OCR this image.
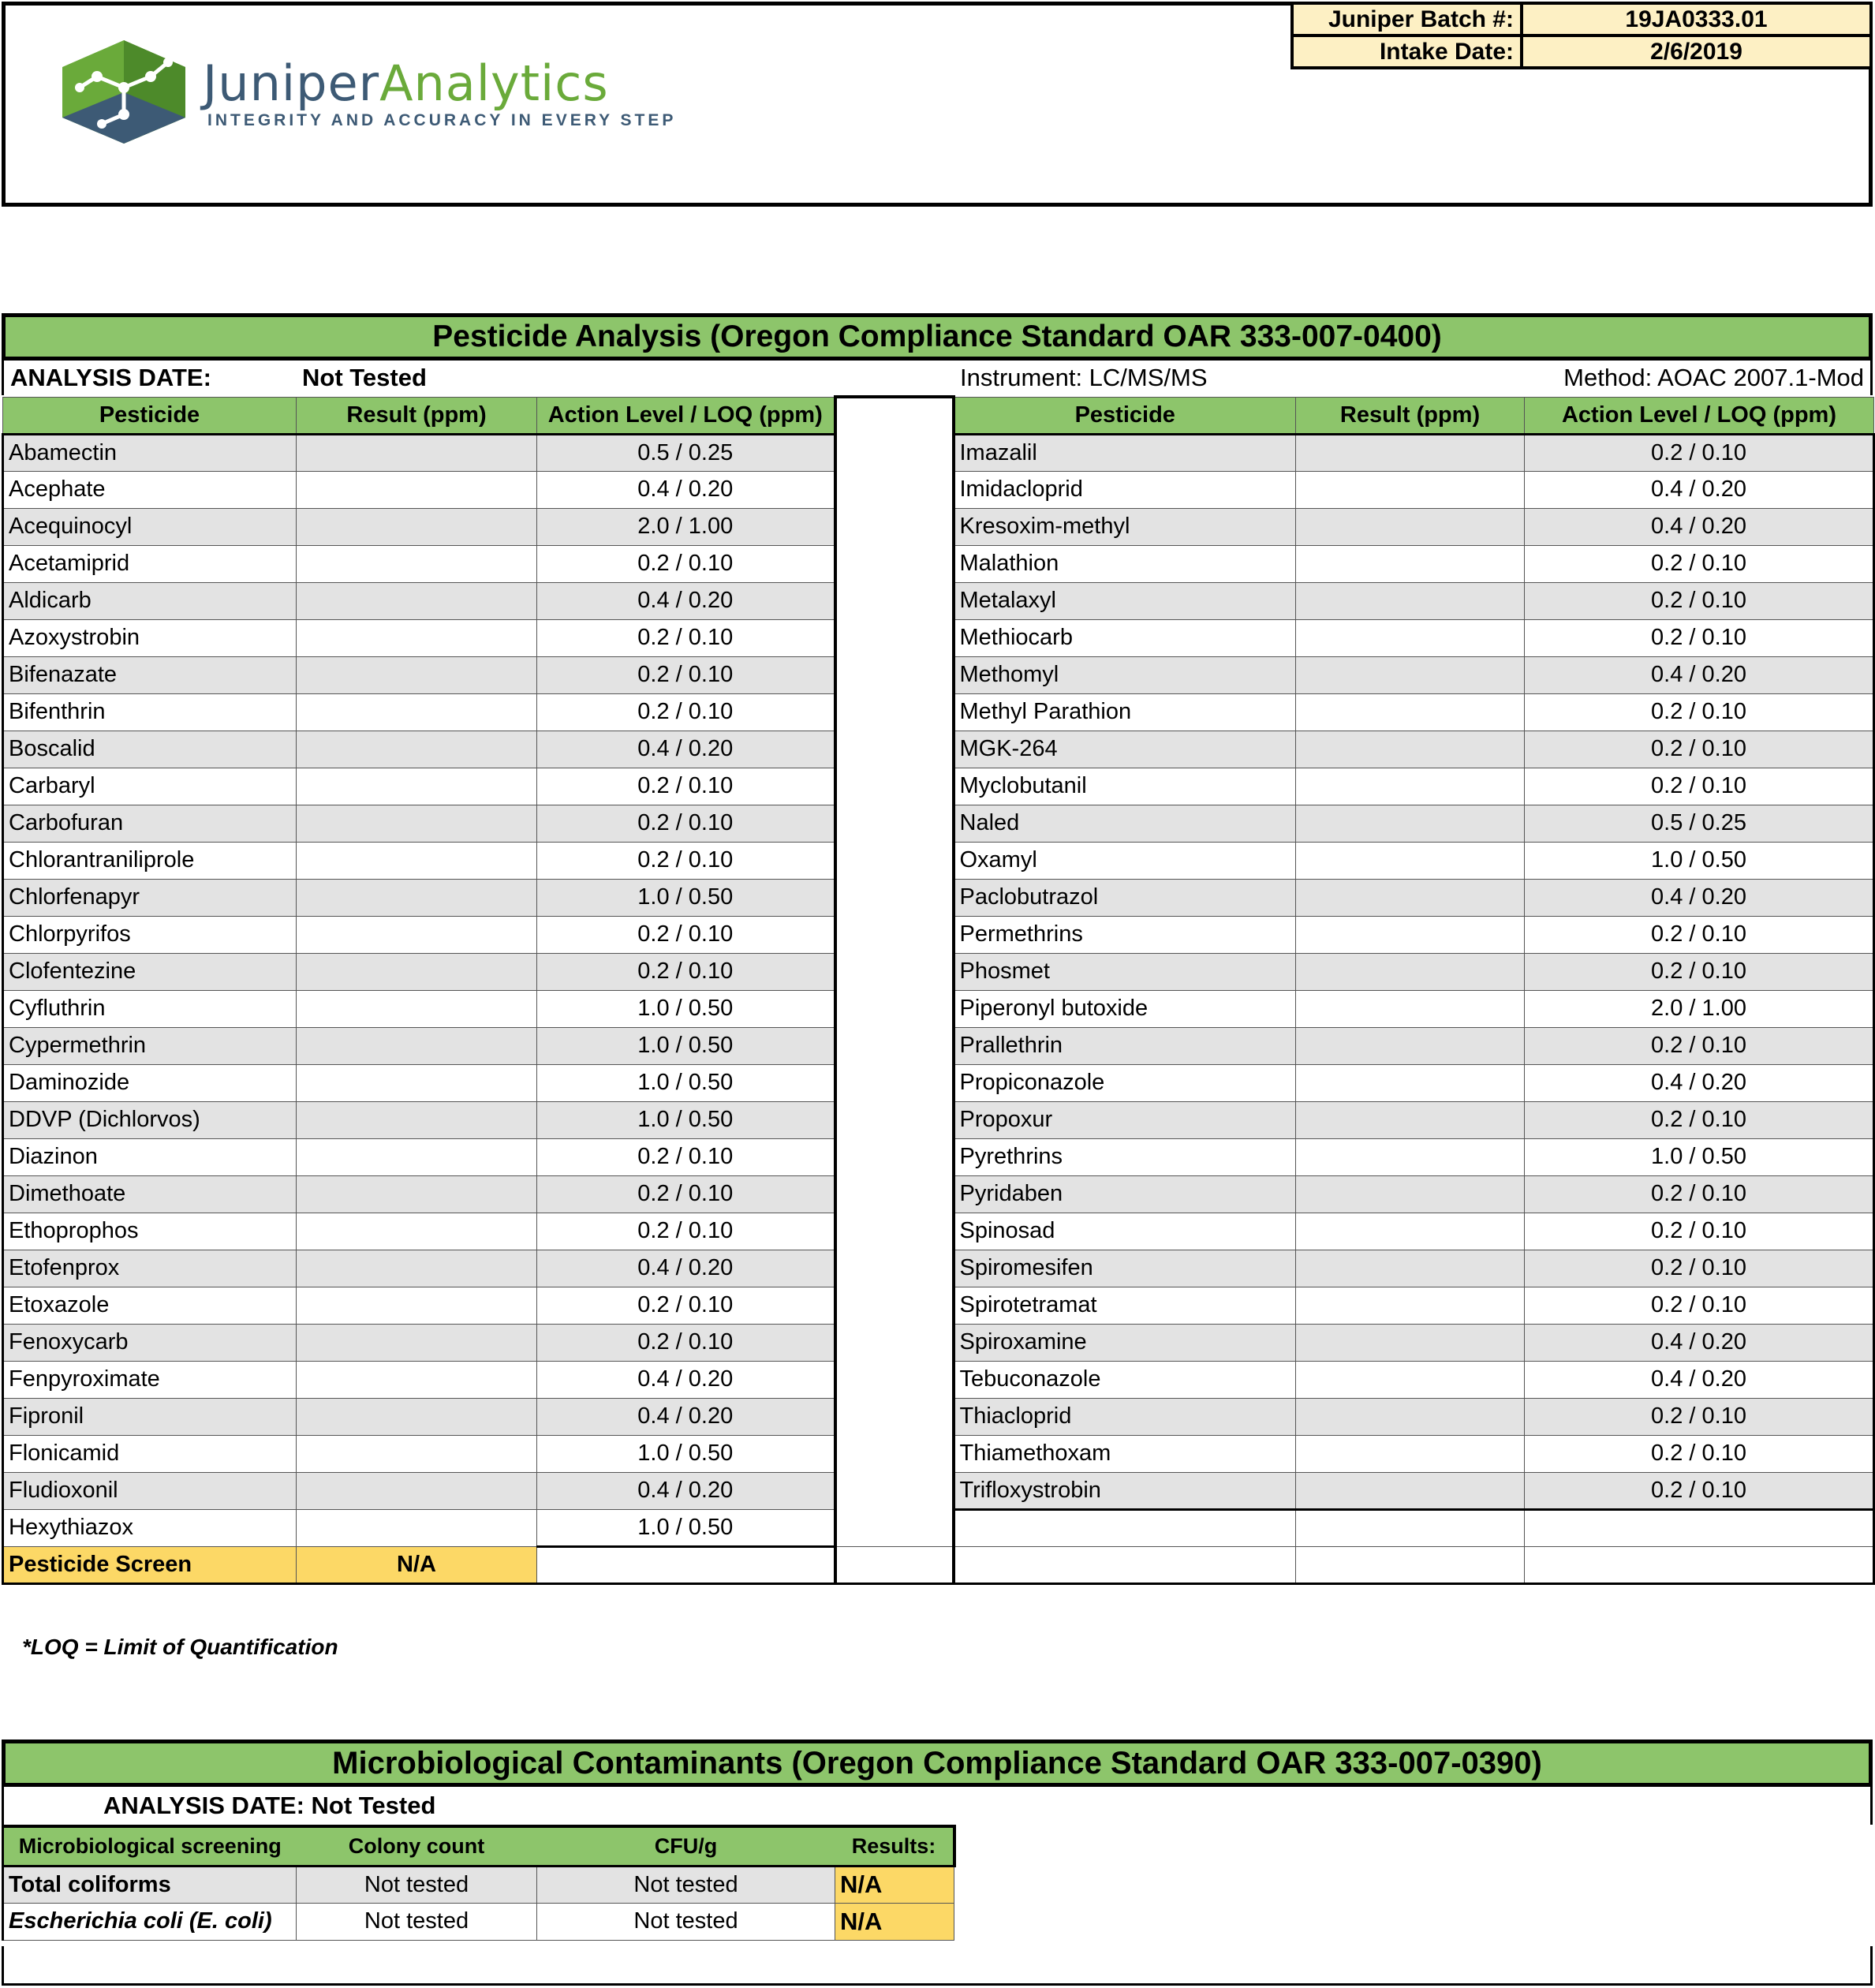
JuniperAnalytics
INTEGRITY AND ACCURACY IN EVERY STEP
Juniper Batch #:	19JA0333.01
Intake Date:	2/6/2019
Pesticide Analysis (Oregon Compliance Standard OAR 333-007-0400)
ANALYSIS DATE:	Not Tested	Instrument: LC/MS/MS	Method: AOAC 2007.1-Mod
Pesticide	Result (ppm)	Action Level / LOQ (ppm)		Pesticide	Result (ppm)	Action Level / LOQ (ppm)
Abamectin		0.5 / 0.25		Imazalil		0.2 / 0.10
Acephate		0.4 / 0.20		Imidacloprid		0.4 / 0.20
Acequinocyl		2.0 / 1.00		Kresoxim-methyl		0.4 / 0.20
Acetamiprid		0.2 / 0.10		Malathion		0.2 / 0.10
Aldicarb		0.4 / 0.20		Metalaxyl		0.2 / 0.10
Azoxystrobin		0.2 / 0.10		Methiocarb		0.2 / 0.10
Bifenazate		0.2 / 0.10		Methomyl		0.4 / 0.20
Bifenthrin		0.2 / 0.10		Methyl Parathion		0.2 / 0.10
Boscalid		0.4 / 0.20		MGK-264		0.2 / 0.10
Carbaryl		0.2 / 0.10		Myclobutanil		0.2 / 0.10
Carbofuran		0.2 / 0.10		Naled		0.5 / 0.25
Chlorantraniliprole		0.2 / 0.10		Oxamyl		1.0 / 0.50
Chlorfenapyr		1.0 / 0.50		Paclobutrazol		0.4 / 0.20
Chlorpyrifos		0.2 / 0.10		Permethrins		0.2 / 0.10
Clofentezine		0.2 / 0.10		Phosmet		0.2 / 0.10
Cyfluthrin		1.0 / 0.50		Piperonyl butoxide		2.0 / 1.00
Cypermethrin		1.0 / 0.50		Prallethrin		0.2 / 0.10
Daminozide		1.0 / 0.50		Propiconazole		0.4 / 0.20
DDVP (Dichlorvos)		1.0 / 0.50		Propoxur		0.2 / 0.10
Diazinon		0.2 / 0.10		Pyrethrins		1.0 / 0.50
Dimethoate		0.2 / 0.10		Pyridaben		0.2 / 0.10
Ethoprophos		0.2 / 0.10		Spinosad		0.2 / 0.10
Etofenprox		0.4 / 0.20		Spiromesifen		0.2 / 0.10
Etoxazole		0.2 / 0.10		Spirotetramat		0.2 / 0.10
Fenoxycarb		0.2 / 0.10		Spiroxamine		0.4 / 0.20
Fenpyroximate		0.4 / 0.20		Tebuconazole		0.4 / 0.20
Fipronil		0.4 / 0.20		Thiacloprid		0.2 / 0.10
Flonicamid		1.0 / 0.50		Thiamethoxam		0.2 / 0.10
Fludioxonil		0.4 / 0.20		Trifloxystrobin		0.2 / 0.10
Hexythiazox		1.0 / 0.50				
Pesticide Screen	N/A					
*LOQ = Limit of Quantification
Microbiological Contaminants (Oregon Compliance Standard OAR 333-007-0390)
ANALYSIS DATE: Not Tested
Microbiological screening	Colony count	CFU/g	Results:
Total coliforms	Not tested	Not tested	N/A
Escherichia coli (E. coli)	Not tested	Not tested	N/A
